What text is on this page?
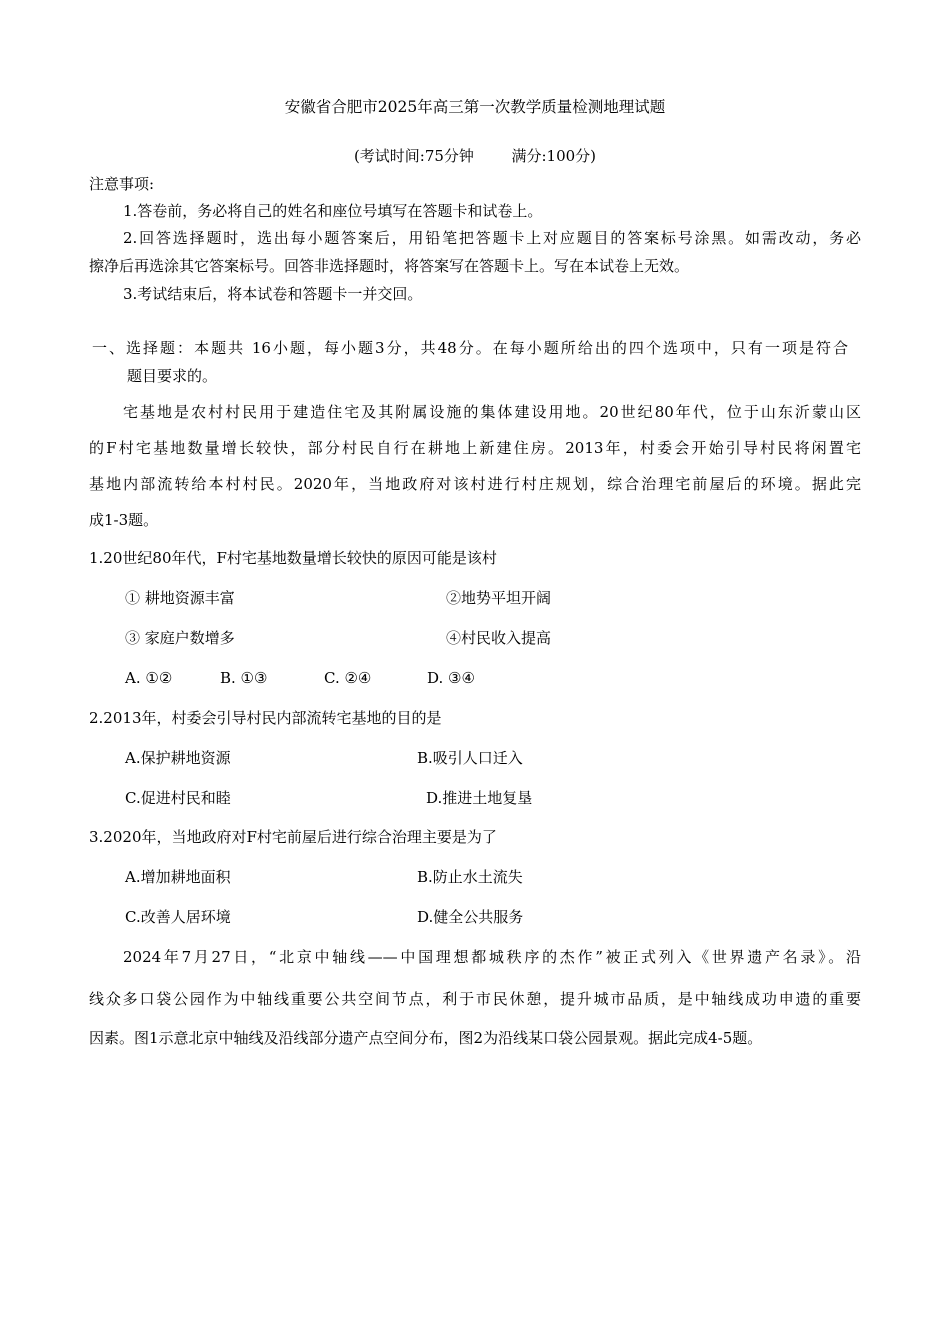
安徽省合肥市2025年高三第一次教学质量检测地理试题
(考试时间:75分钟	满分:100分)
注意事项:
1.答卷前，务必将自己的姓名和座位号填写在答题卡和试卷上。
2.回答选择题时，选出每小题答案后，用铅笔把答题卡上对应题目的答案标号涂黑。如需改动，务必
擦净后再选涂其它答案标号。回答非选择题时，将答案写在答题卡上。写在本试卷上无效。
3.考试结束后，将本试卷和答题卡一并交回。
一、选择题：本题共 16小题，每小题3分，共48分。在每小题所给出的四个选项中，只有一项是符合
题目要求的。
宅基地是农村村民用于建造住宅及其附属设施的集体建设用地。20世纪80年代，位于山东沂蒙山区
的F村宅基地数量增长较快，部分村民自行在耕地上新建住房。2013年，村委会开始引导村民将闲置宅
基地内部流转给本村村民。2020年，当地政府对该村进行村庄规划，综合治理宅前屋后的环境。据此完
成1-3题。
1.20世纪80年代，F村宅基地数量增长较快的原因可能是该村
① 耕地资源丰富	②地势平坦开阔
③ 家庭户数增多	④村民收入提高
A. ①②	B. ①③	C. ②④	D. ③④
2.2013年，村委会引导村民内部流转宅基地的目的是
A.保护耕地资源	B.吸引人口迁入
C.促进村民和睦	D.推进土地复垦
3.2020年，当地政府对F村宅前屋后进行综合治理主要是为了
A.增加耕地面积	B.防止水土流失
C.改善人居环境	D.健全公共服务
2024年7月27日，“北京中轴线——中国理想都城秩序的杰作”被正式列入《世界遗产名录》。沿
线众多口袋公园作为中轴线重要公共空间节点，利于市民休憩，提升城市品质，是中轴线成功申遗的重要
因素。图1示意北京中轴线及沿线部分遗产点空间分布，图2为沿线某口袋公园景观。据此完成4-5题。
